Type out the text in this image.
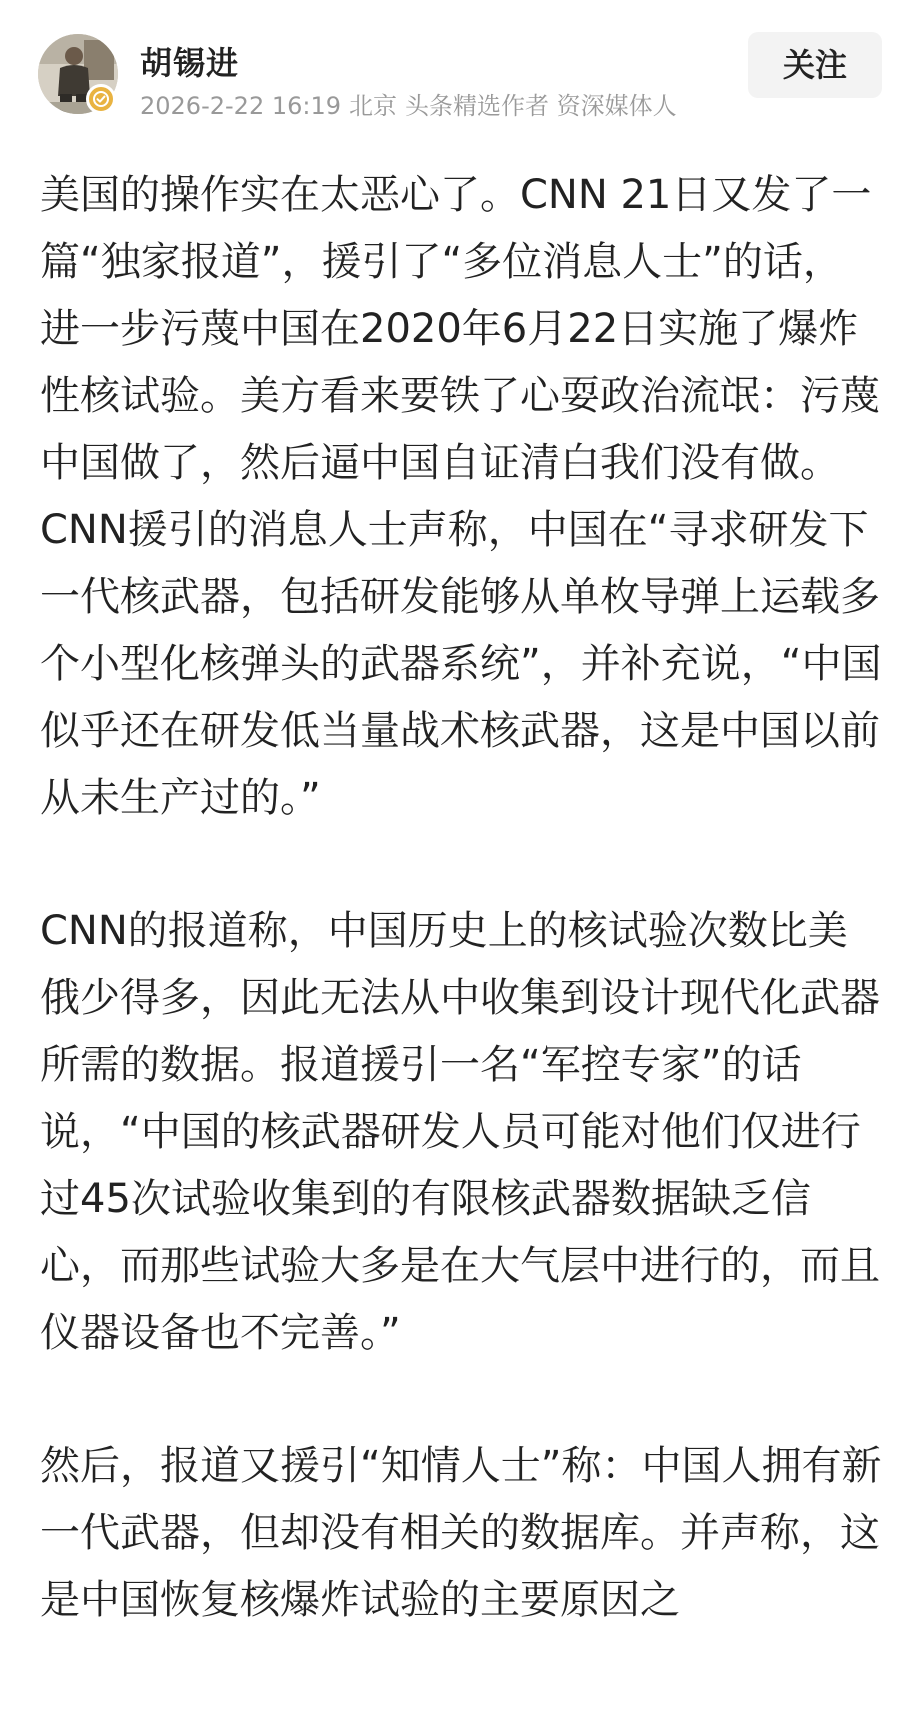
胡锡进
2026-2-22 16:19 北京 头条精选作者 资深媒体人
关注

美国的操作实在太恶心了。CNN 21日又发了一篇“独家报道”，援引了“多位消息人士”的话，进一步污蔑中国在2020年6月22日实施了爆炸性核试验。美方看来要铁了心耍政治流氓：污蔑中国做了，然后逼中国自证清白我们没有做。

CNN援引的消息人士声称，中国在“寻求研发下一代核武器，包括研发能够从单枚导弹上运载多个小型化核弹头的武器系统”，并补充说，“中国似乎还在研发低当量战术核武器，这是中国以前从未生产过的。”

CNN的报道称，中国历史上的核试验次数比美俄少得多，因此无法从中收集到设计现代化武器所需的数据。报道援引一名“军控专家”的话说，“中国的核武器研发人员可能对他们仅进行过45次试验收集到的有限核武器数据缺乏信心，而那些试验大多是在大气层中进行的，而且仪器设备也不完善。”

然后，报道又援引“知情人士”称：中国人拥有新一代武器，但却没有相关的数据库。并声称，这是中国恢复核爆炸试验的主要原因之
